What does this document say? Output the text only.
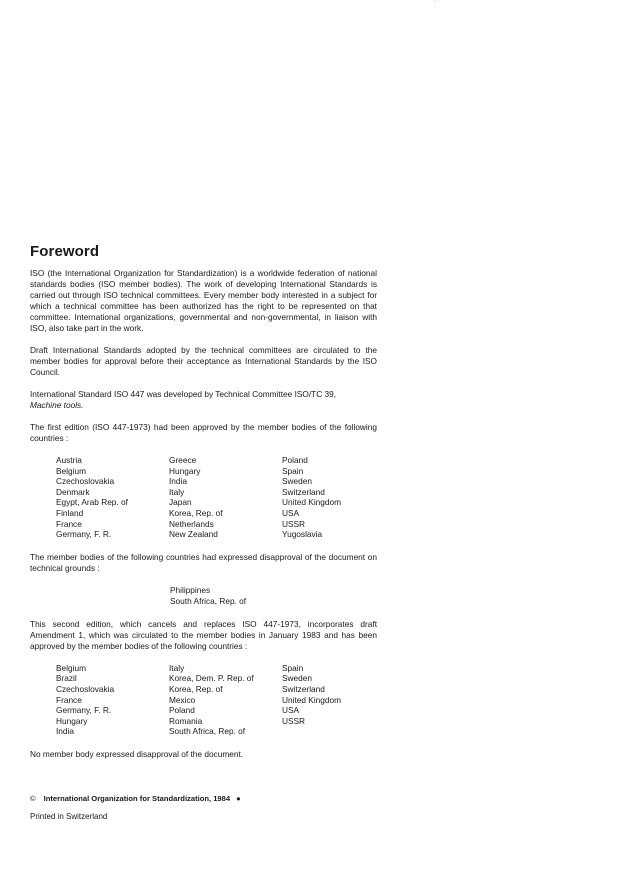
Foreword

ISO (the International Organization for Standardization) is a worldwide federation of national standards bodies (ISO member bodies). The work of developing International Standards is carried out through ISO technical committees. Every member body interested in a subject for which a technical committee has been authorized has the right to be represented on that committee. International organizations, governmental and non-governmental, in liaison with ISO, also take part in the work.

Draft International Standards adopted by the technical committees are circulated to the member bodies for approval before their acceptance as International Standards by the ISO Council.

International Standard ISO 447 was developed by Technical Committee ISO/TC 39,
Machine tools.

The first edition (ISO 447-1973) had been approved by the member bodies of the following countries :

Austria	Greece	Poland
Belgium	Hungary	Spain
Czechoslovakia	India	Sweden
Denmark	Italy	Switzerland
Egypt, Arab Rep. of	Japan	United Kingdom
Finland	Korea, Rep. of	USA
France	Netherlands	USSR
Germany, F. R.	New Zealand	Yugoslavia

The member bodies of the following countries had expressed disapproval of the document on technical grounds :

Philippines
South Africa, Rep. of

This second edition, which cancels and replaces ISO 447-1973, incorporates draft Amendment 1, which was circulated to the member bodies in January 1983 and has been approved by the member bodies of the following countries :

Belgium	Italy	Spain
Brazil	Korea, Dem. P. Rep. of	Sweden
Czechoslovakia	Korea, Rep. of	Switzerland
France	Mexico	United Kingdom
Germany, F. R.	Poland	USA
Hungary	Romania	USSR
India	South Africa, Rep. of	

No member body expressed disapproval of the document.

© International Organization for Standardization, 1984 ●
Printed in Switzerland
